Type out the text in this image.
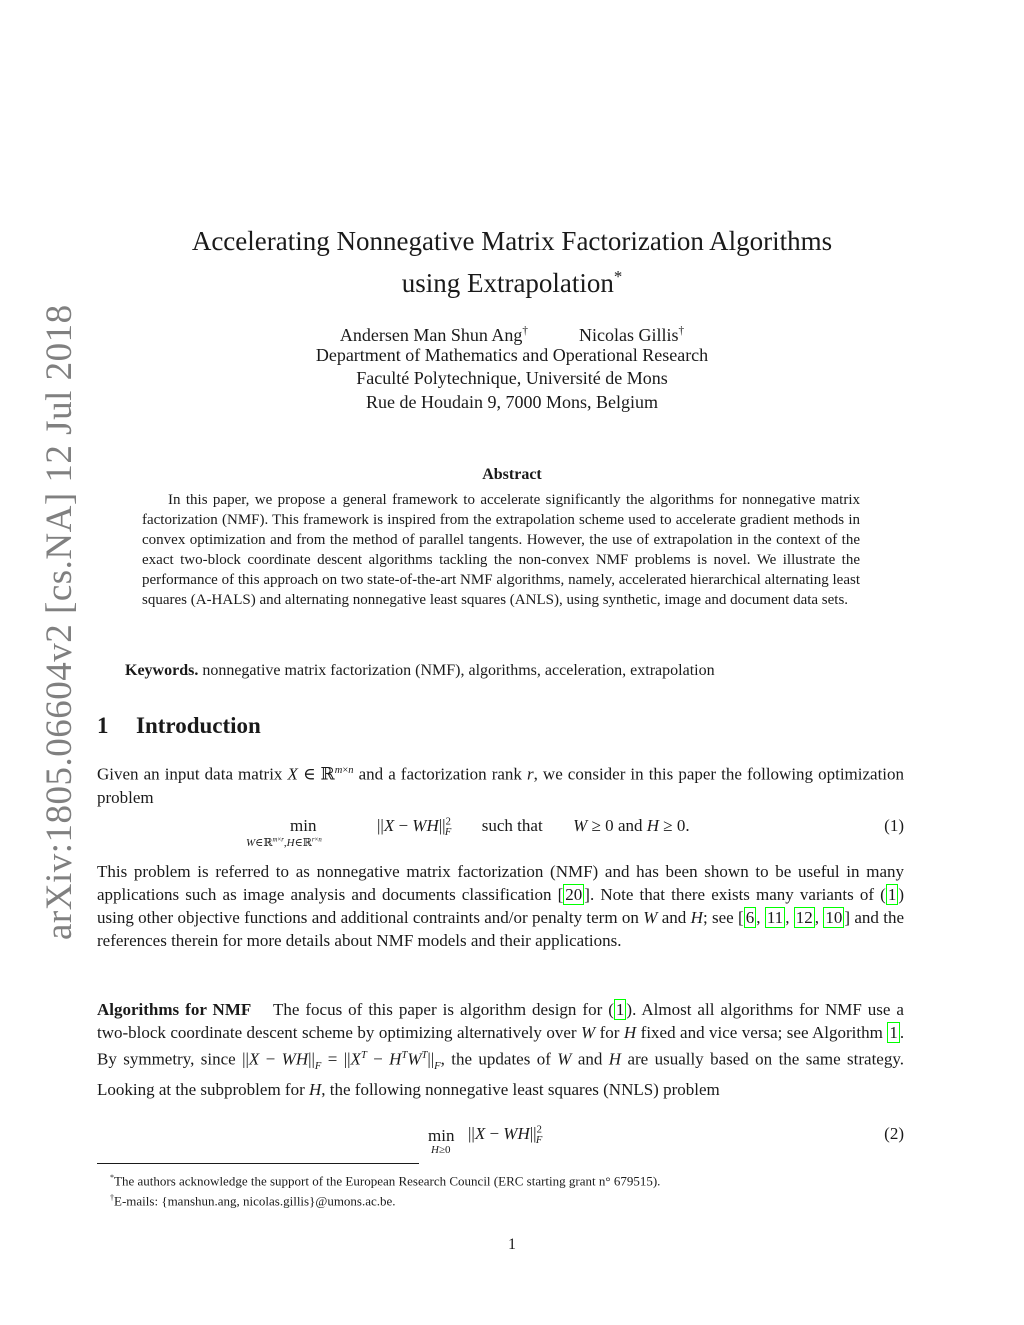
arXiv:1805.06604v2 [cs.NA] 12 Jul 2018
Accelerating Nonnegative Matrix Factorization Algorithms
using Extrapolation*
Andersen Man Shun Ang†	Nicolas Gillis†
Department of Mathematics and Operational Research
Faculté Polytechnique, Université de Mons
Rue de Houdain 9, 7000 Mons, Belgium
Abstract
In this paper, we propose a general framework to accelerate significantly the algorithms for nonnegative matrix factorization (NMF). This framework is inspired from the extrapolation scheme used to accelerate gradient methods in convex optimization and from the method of parallel tangents. However, the use of extrapolation in the context of the exact two-block coordinate descent algorithms tackling the non-convex NMF problems is novel. We illustrate the performance of this approach on two state-of-the-art NMF algorithms, namely, accelerated hierarchical alternating least squares (A-HALS) and alternating nonnegative least squares (ANLS), using synthetic, image and document data sets.
Keywords. nonnegative matrix factorization (NMF), algorithms, acceleration, extrapolation
1 Introduction
Given an input data matrix X ∈ ℝ$^{m\times n}$ and a factorization rank r, we consider in this paper the following optimization problem
min
W∈ℝ$^{m\times r}$,H∈ℝ$^{r\times n}$
$||X - WH||^2_F$ such that W ≥ 0 and H ≥ 0.	(1)
This problem is referred to as nonnegative matrix factorization (NMF) and has been shown to be useful in many applications such as image analysis and documents classification [ 20 ]. Note that there exists many variants of ( 1 ) using other objective functions and additional contraints and/or penalty term on W and H; see [ 6 , 11 , 12 , 10 ] and the references therein for more details about NMF models and their applications.
Algorithms for NMF The focus of this paper is algorithm design for ( 1 ). Almost all algorithms for NMF use a two-block coordinate descent scheme by optimizing alternatively over W for H fixed and vice versa; see Algorithm 1 . By symmetry, since $||X - WH||_F = ||X^T - H^TW^T||_F$, the updates of W and H are usually based on the same strategy. Looking at the subproblem for H, the following nonnegative least squares (NNLS) problem
min
H≥0
$||X - WH||^2_F$	(2)
*The authors acknowledge the support of the European Research Council (ERC starting grant n° 679515).
†E-mails: {manshun.ang, nicolas.gillis}@umons.ac.be.
1
